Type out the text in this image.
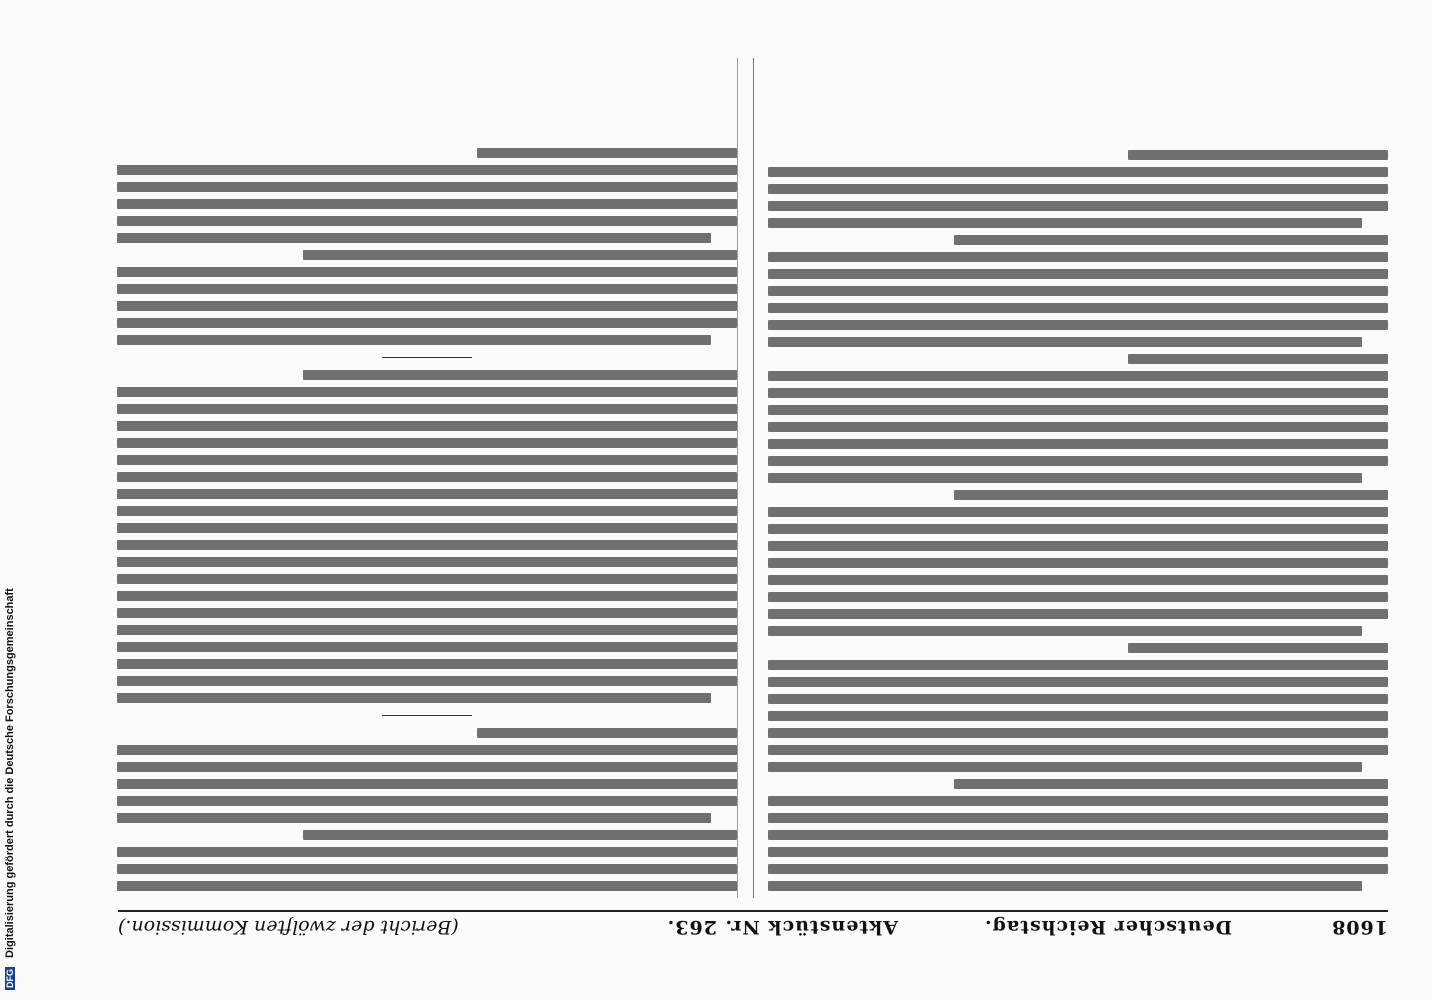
1608
Deutscher Reichstag.
Aktenstück Nr. 263.
(Bericht der zwölften Kommission.)
DFG Digitalisierung gefördert durch die Deutsche Forschungsgemeinschaft
